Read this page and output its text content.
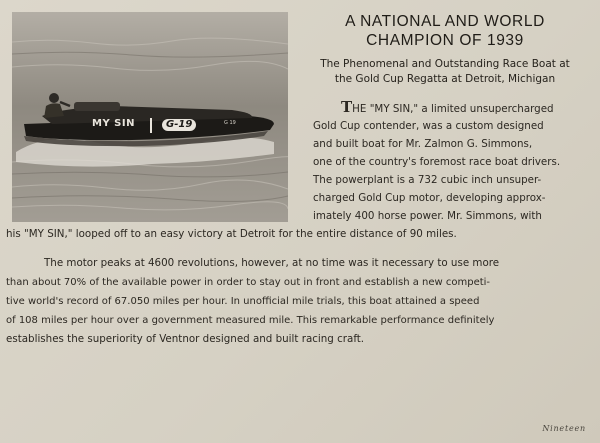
G 19
MY SIN	G-19
A NATIONAL AND WORLD
CHAMPION OF 1939
The Phenomenal and Outstanding Race Boat at
the Gold Cup Regatta at Detroit, Michigan
THE "MY SIN," a limited unsupercharged
Gold Cup contender, was a custom designed
and built boat for Mr. Zalmon G. Simmons,
one of the country's foremost race boat drivers.
The powerplant is a 732 cubic inch unsuper-
charged Gold Cup motor, developing approx-
imately 400 horse power. Mr. Simmons, with
his "MY SIN," looped off to an easy victory at Detroit for the entire distance of 90 miles.
The motor peaks at 4600 revolutions, however, at no time was it necessary to use more
than about 70% of the available power in order to stay out in front and establish a new competi-
tive world's record of 67.050 miles per hour. In unofficial mile trials, this boat attained a speed
of 108 miles per hour over a government measured mile. This remarkable performance definitely
establishes the superiority of Ventnor designed and built racing craft.
Nineteen
